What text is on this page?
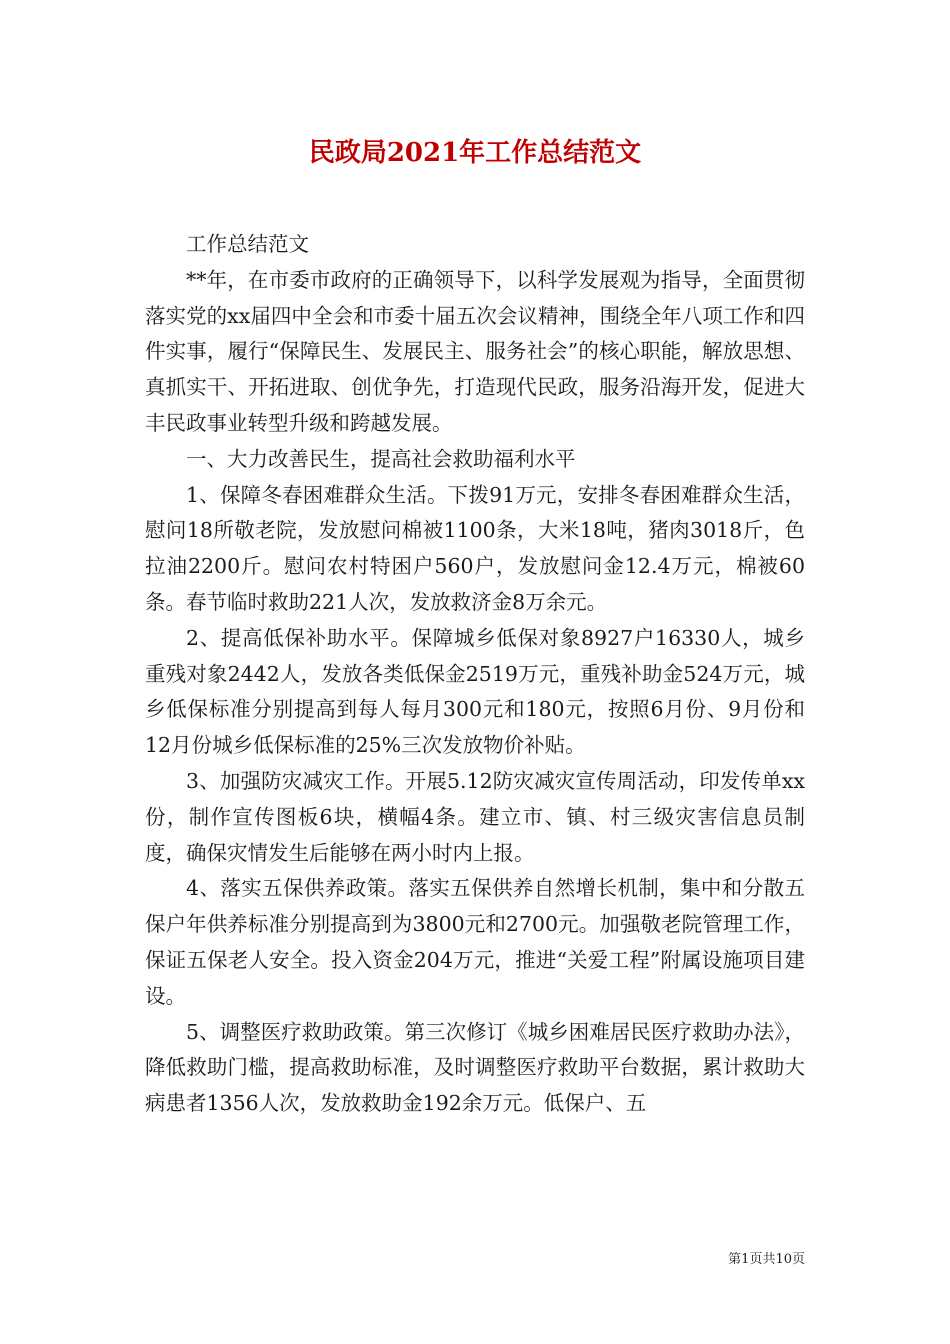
民政局2021年工作总结范文

工作总结范文

**年，在市委市政府的正确领导下，以科学发展观为指导，全面贯彻落实党的xx届四中全会和市委十届五次会议精神，围绕全年八项工作和四件实事，履行“保障民生、发展民主、服务社会”的核心职能，解放思想、真抓实干、开拓进取、创优争先，打造现代民政，服务沿海开发，促进大丰民政事业转型升级和跨越发展。

一、大力改善民生，提高社会救助福利水平

1、保障冬春困难群众生活。下拨91万元，安排冬春困难群众生活，慰问18所敬老院，发放慰问棉被1100条，大米18吨，猪肉3018斤，色拉油2200斤。慰问农村特困户560户，发放慰问金12.4万元，棉被60条。春节临时救助221人次，发放救济金8万余元。

2、提高低保补助水平。保障城乡低保对象8927户16330人，城乡重残对象2442人，发放各类低保金2519万元，重残补助金524万元，城乡低保标准分别提高到每人每月300元和180元，按照6月份、9月份和12月份城乡低保标准的25%三次发放物价补贴。

3、加强防灾减灾工作。开展5.12防灾减灾宣传周活动，印发传单xx份，制作宣传图板6块，横幅4条。建立市、镇、村三级灾害信息员制度，确保灾情发生后能够在两小时内上报。

4、落实五保供养政策。落实五保供养自然增长机制，集中和分散五保户年供养标准分别提高到为3800元和2700元。加强敬老院管理工作，保证五保老人安全。投入资金204万元，推进“关爱工程”附属设施项目建设。

5、调整医疗救助政策。第三次修订《城乡困难居民医疗救助办法》，降低救助门槛，提高救助标准，及时调整医疗救助平台数据，累计救助大病患者1356人次，发放救助金192余万元。低保户、五

第1页共10页
